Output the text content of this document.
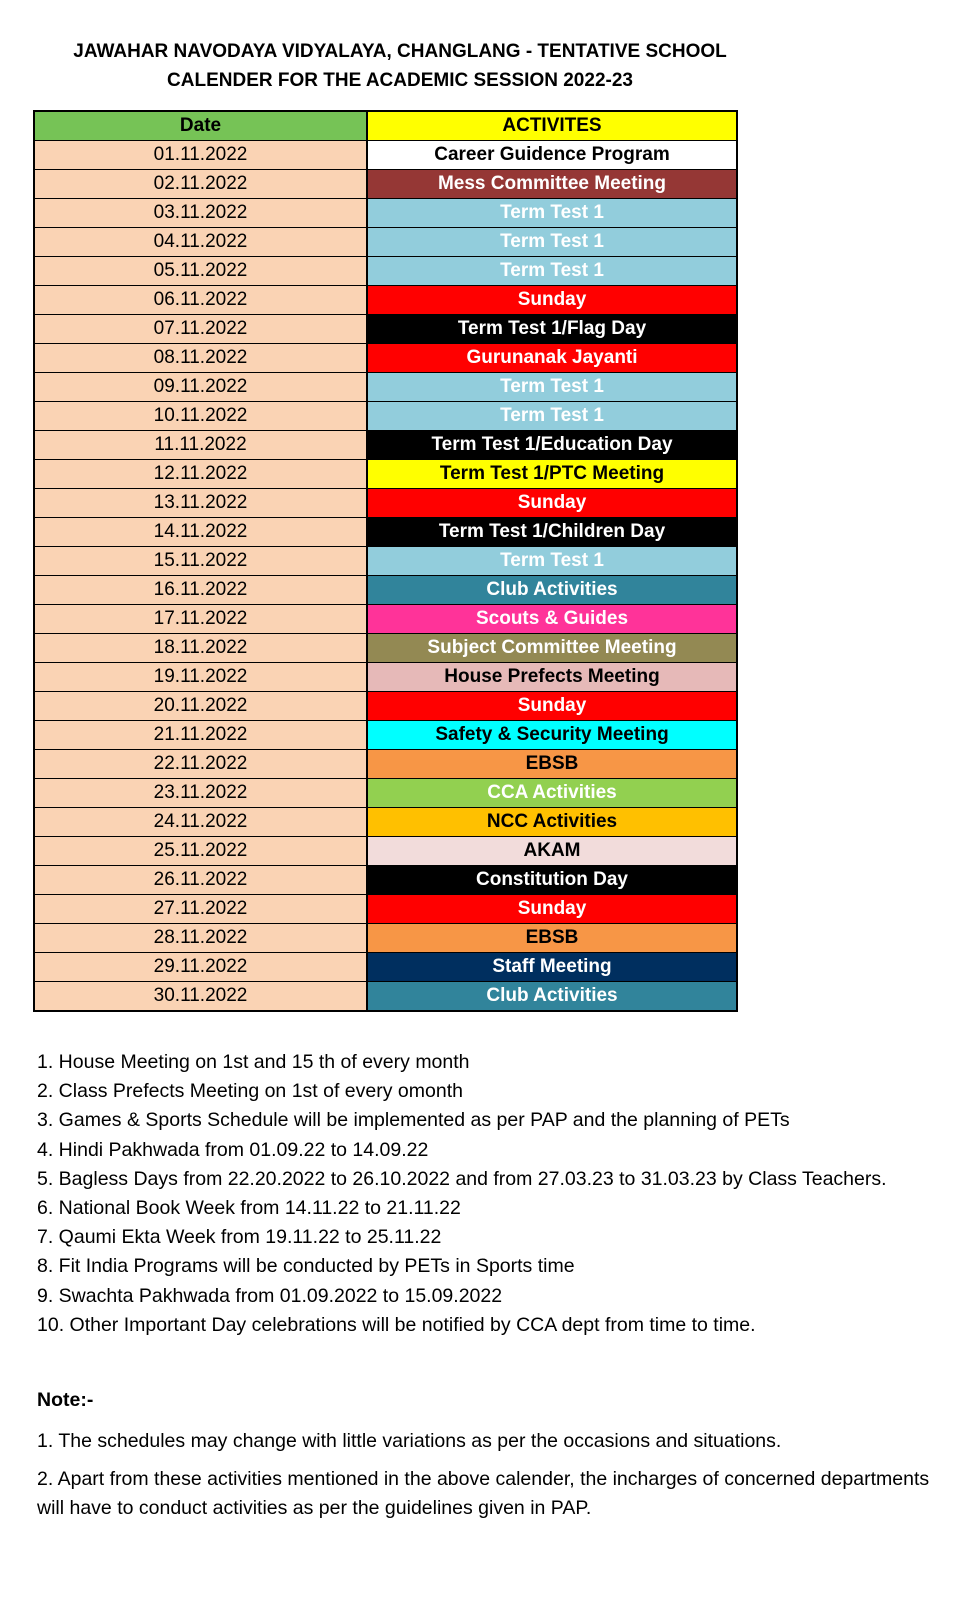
JAWAHAR NAVODAYA VIDYALAYA, CHANGLANG - TENTATIVE SCHOOL
CALENDER FOR THE ACADEMIC SESSION 2022-23
Date	ACTIVITES
01.11.2022	Career Guidence Program
02.11.2022	Mess Committee Meeting
03.11.2022	Term Test 1
04.11.2022	Term Test 1
05.11.2022	Term Test 1
06.11.2022	Sunday
07.11.2022	Term Test 1/Flag Day
08.11.2022	Gurunanak Jayanti
09.11.2022	Term Test 1
10.11.2022	Term Test 1
11.11.2022	Term Test 1/Education Day
12.11.2022	Term Test 1/PTC Meeting
13.11.2022	Sunday
14.11.2022	Term Test 1/Children Day
15.11.2022	Term Test 1
16.11.2022	Club Activities
17.11.2022	Scouts & Guides
18.11.2022	Subject Committee Meeting
19.11.2022	House Prefects Meeting
20.11.2022	Sunday
21.11.2022	Safety & Security Meeting
22.11.2022	EBSB
23.11.2022	CCA Activities
24.11.2022	NCC Activities
25.11.2022	AKAM
26.11.2022	Constitution Day
27.11.2022	Sunday
28.11.2022	EBSB
29.11.2022	Staff Meeting
30.11.2022	Club Activities
1. House Meeting on 1st and 15 th of every month
2. Class Prefects Meeting on 1st of every omonth
3. Games & Sports Schedule will be implemented as per PAP and the planning of PETs
4. Hindi Pakhwada from 01.09.22 to 14.09.22
5. Bagless Days from 22.20.2022 to 26.10.2022 and from 27.03.23 to 31.03.23 by Class Teachers.
6. National Book Week from 14.11.22 to 21.11.22
7. Qaumi Ekta Week from 19.11.22 to 25.11.22
8. Fit India Programs will be conducted by PETs in Sports time
9. Swachta Pakhwada from 01.09.2022 to 15.09.2022
10. Other Important Day celebrations will be notified by CCA dept from time to time.
Note:-
1. The schedules may change with little variations as per the occasions and situations.
2. Apart from these activities mentioned in the above calender, the incharges of concerned departments will have to conduct activities as per the guidelines given in PAP.
